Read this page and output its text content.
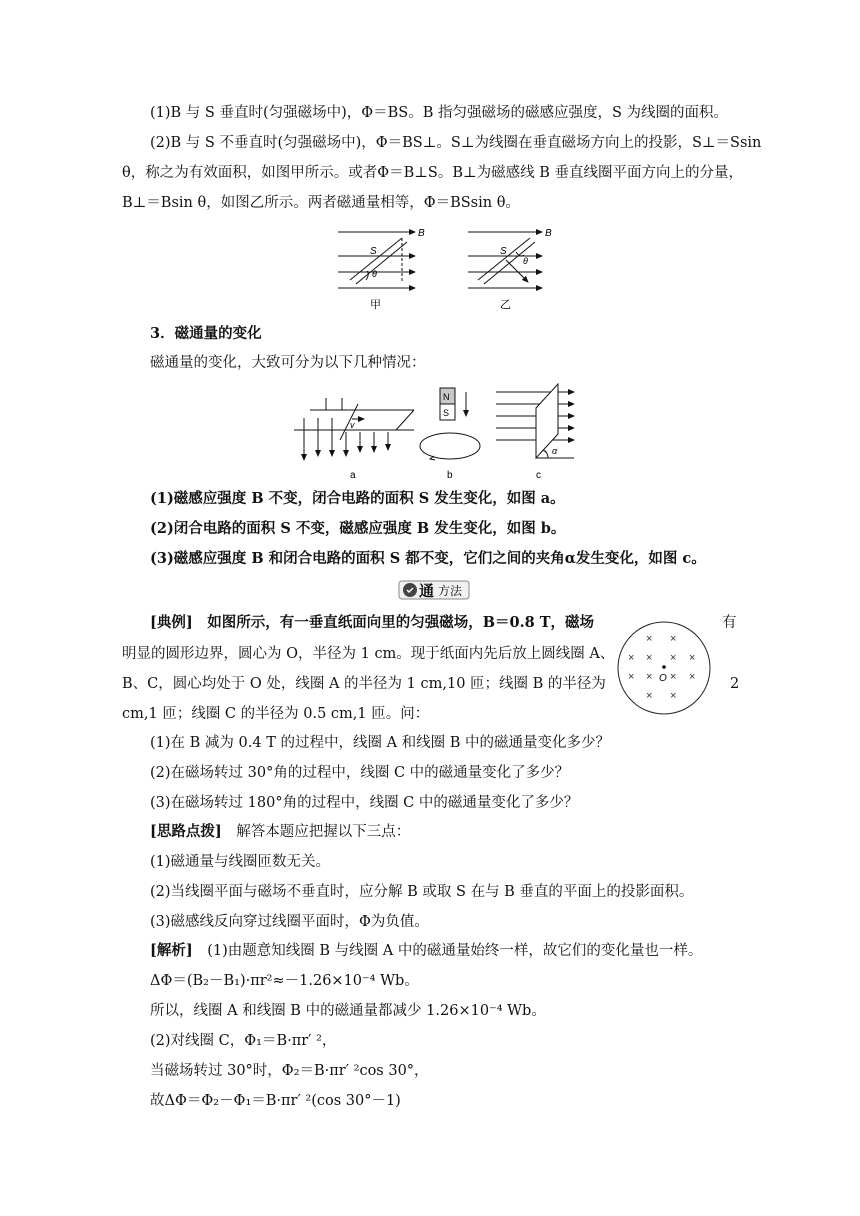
(1)B 与 S 垂直时(匀强磁场中)，Φ＝BS。B 指匀强磁场的磁感应强度，S 为线圈的面积。
(2)B 与 S 不垂直时(匀强磁场中)，Φ＝BS⊥。S⊥为线圈在垂直磁场方向上的投影，S⊥＝Ssin
θ，称之为有效面积，如图甲所示。或者Φ＝B⊥S。B⊥为磁感线 B 垂直线圈平面方向上的分量，
B⊥＝Bsin θ，如图乙所示。两者磁通量相等，Φ＝BSsin θ。
B
S
θ
甲
B
S
θ
乙
3．磁通量的变化
磁通量的变化，大致可分为以下几种情况：
v
a
N
S
b
α
c
(1)磁感应强度 B 不变，闭合电路的面积 S 发生变化，如图 a。
(2)闭合电路的面积 S 不变，磁感应强度 B 发生变化，如图 b。
(3)磁感应强度 B 和闭合电路的面积 S 都不变，它们之间的夹角α发生变化，如图 c。
通 方法
[典例]　如图所示，有一垂直纸面向里的匀强磁场，B＝0.8 T，磁场	有
明显的圆形边界，圆心为 O，半径为 1 cm。现于纸面内先后放上圆线圈 A、
B、C，圆心均处于 O 处，线圈 A 的半径为 1 cm,10 匝；线圈 B 的半径为	2
cm,1 匝；线圈 C 的半径为 0.5 cm,1 匝。问：
× ×
× × × ×
× × × ×
× ×
O
(1)在 B 减为 0.4 T 的过程中，线圈 A 和线圈 B 中的磁通量变化多少？
(2)在磁场转过 30°角的过程中，线圈 C 中的磁通量变化了多少？
(3)在磁场转过 180°角的过程中，线圈 C 中的磁通量变化了多少？
[思路点拨]　解答本题应把握以下三点：
(1)磁通量与线圈匝数无关。
(2)当线圈平面与磁场不垂直时，应分解 B 或取 S 在与 B 垂直的平面上的投影面积。
(3)磁感线反向穿过线圈平面时，Φ为负值。
[解析]　(1)由题意知线圈 B 与线圈 A 中的磁通量始终一样，故它们的变化量也一样。
ΔΦ＝(B₂－B₁)·πr²≈－1.26×10⁻⁴ Wb。
所以，线圈 A 和线圈 B 中的磁通量都减少 1.26×10⁻⁴ Wb。
(2)对线圈 C，Φ₁＝B·πr′ ²，
当磁场转过 30°时，Φ₂＝B·πr′ ²cos 30°，
故ΔΦ＝Φ₂－Φ₁＝B·πr′ ²(cos 30°－1)
